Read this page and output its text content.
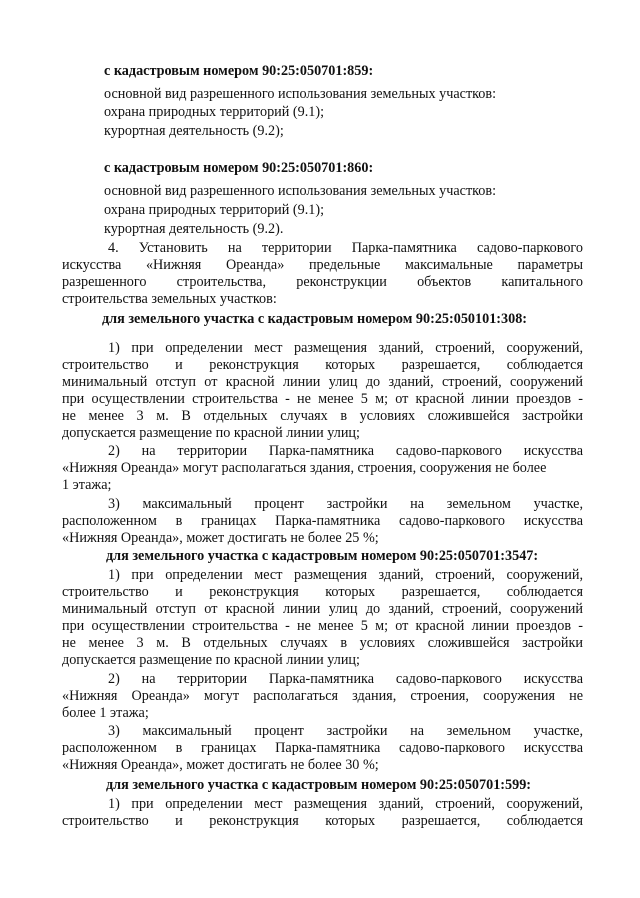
с кадастровым номером 90:25:050701:859:
основной вид разрешенного использования земельных участков:
охрана природных территорий (9.1);
курортная деятельность (9.2);
с кадастровым номером 90:25:050701:860:
основной вид разрешенного использования земельных участков:
охрана природных территорий (9.1);
курортная деятельность (9.2).
4. Установить на территории Парка-памятника садово-паркового
искусства «Нижняя Ореанда» предельные максимальные параметры
разрешенного строительства, реконструкции объектов капитального
строительства земельных участков:
для земельного участка с кадастровым номером 90:25:050101:308:
1) при определении мест размещения зданий, строений, сооружений,
строительство и реконструкция которых разрешается, соблюдается
минимальный отступ от красной линии улиц до зданий, строений, сооружений
при осуществлении строительства - не менее 5 м; от красной линии проездов -
не менее 3 м. В отдельных случаях в условиях сложившейся застройки
допускается размещение по красной линии улиц;
2) на территории Парка-памятника садово-паркового искусства
«Нижняя Ореанда» могут располагаться здания, строения, сооружения не более
1 этажа;
3) максимальный процент застройки на земельном участке,
расположенном в границах Парка-памятника садово-паркового искусства
«Нижняя Ореанда», может достигать не более 25 %;
для земельного участка с кадастровым номером 90:25:050701:3547:
1) при определении мест размещения зданий, строений, сооружений,
строительство и реконструкция которых разрешается, соблюдается
минимальный отступ от красной линии улиц до зданий, строений, сооружений
при осуществлении строительства - не менее 5 м; от красной линии проездов -
не менее 3 м. В отдельных случаях в условиях сложившейся застройки
допускается размещение по красной линии улиц;
2) на территории Парка-памятника садово-паркового искусства
«Нижняя Ореанда» могут располагаться здания, строения, сооружения не
более 1 этажа;
3) максимальный процент застройки на земельном участке,
расположенном в границах Парка-памятника садово-паркового искусства
«Нижняя Ореанда», может достигать не более 30 %;
для земельного участка с кадастровым номером 90:25:050701:599:
1) при определении мест размещения зданий, строений, сооружений,
строительство и реконструкция которых разрешается, соблюдается
